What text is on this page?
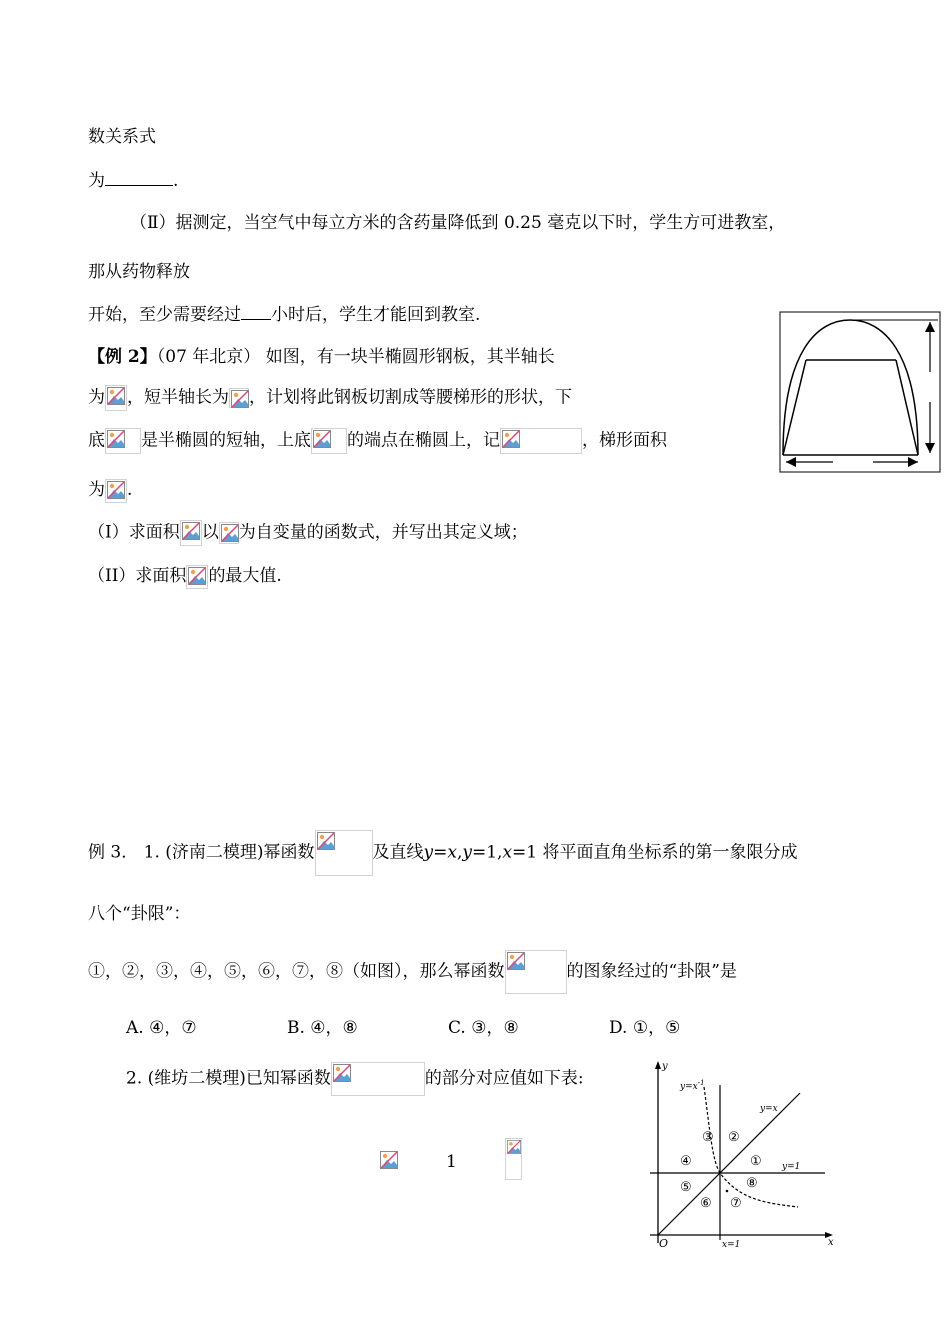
数关系式
为	.
（Ⅱ）据测定，当空气中每立方米的含药量降低到 0.25 毫克以下时，学生方可进教室，
那从药物释放
开始，至少需要经过 小时后，学生才能回到教室.
【例 2】（07 年北京） 如图，有一块半椭圆形钢板，其半轴长
为 ，短半轴长为 ，计划将此钢板切割成等腰梯形的形状，下
底 是半椭圆的短轴，上底 的端点在椭圆上，记	，梯形面积
为 .
（I）求面积 以 为自变量的函数式，并写出其定义域；
（II）求面积 的最大值.
例 3． 1. (济南二模理)幂函数	及直线y=x,y=1,x=1 将平面直角坐标系的第一象限分成
八个“卦限”：
①，②，③，④，⑤，⑥，⑦，⑧（如图），那么幂函数	的图象经过的“卦限”是
A. ④，⑦	B. ④，⑧	C. ③，⑧	D. ①，⑤
2. (维坊二模理)已知幂函数	的部分对应值如下表:
1
y
x
O
$y=x^{-1}$
y=x
y=1
x=1
①
②
③
④
⑤
⑥ ⑦
⑧
